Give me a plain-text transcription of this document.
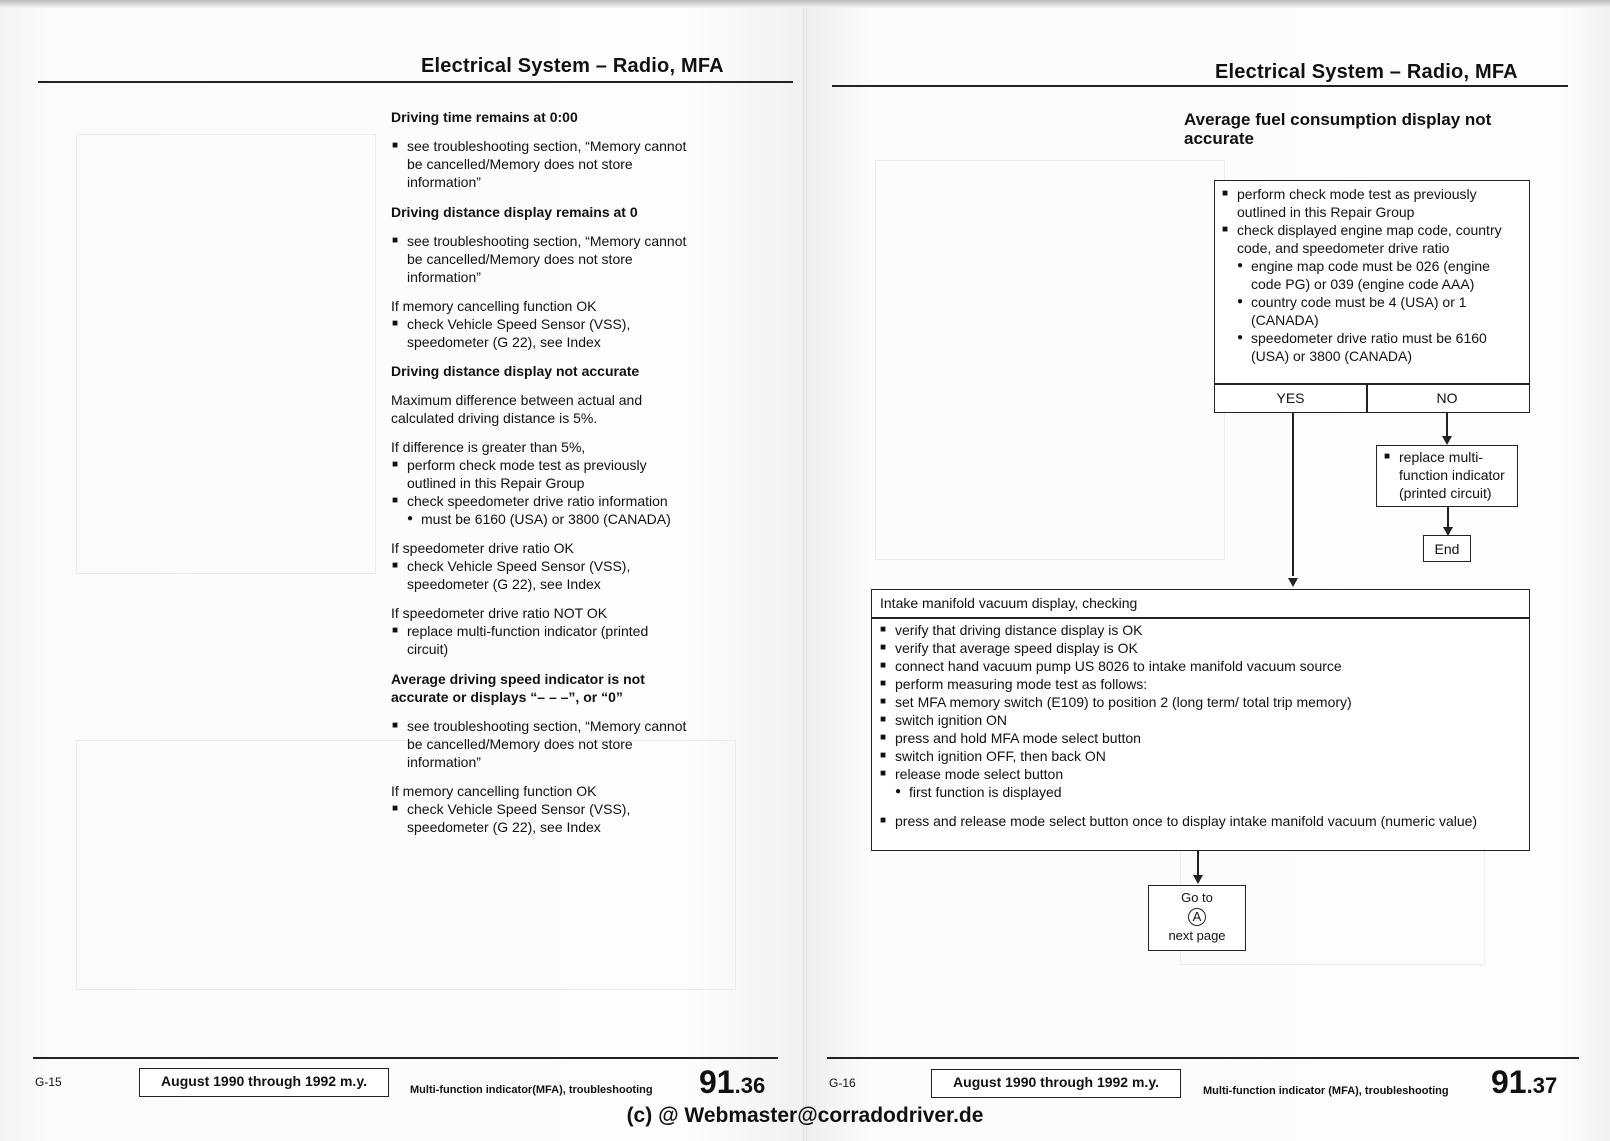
Electrical System – Radio, MFA

Driving time remains at 0:00

■ see troubleshooting section, “Memory cannot be cancelled/Memory does not store information”

Driving distance display remains at 0

■ see troubleshooting section, “Memory cannot be cancelled/Memory does not store information”

If memory cancelling function OK

■ check Vehicle Speed Sensor (VSS), speedometer (G 22), see Index

Driving distance display not accurate

Maximum difference between actual and calculated driving distance is 5%.

If difference is greater than 5%,

■ perform check mode test as previously outlined in this Repair Group

■ check speedometer drive ratio information

● must be 6160 (USA) or 3800 (CANADA)

If speedometer drive ratio OK

■ check Vehicle Speed Sensor (VSS), speedometer (G 22), see Index

If speedometer drive ratio NOT OK

■ replace multi-function indicator (printed circuit)

Average driving speed indicator is not accurate or displays “– – –”, or “0”

■ see troubleshooting section, “Memory cannot be cancelled/Memory does not store information”

If memory cancelling function OK

■ check Vehicle Speed Sensor (VSS), speedometer (G 22), see Index

G-15	August 1990 through 1992 m.y.
Multi-function indicator(MFA), troubleshooting 91.36
Electrical System – Radio, MFA
Average fuel consumption display not accurate

■ perform check mode test as previously outlined in this Repair Group

■ check displayed engine map code, country code, and speedometer drive ratio

● engine map code must be 026 (engine code PG) or 039 (engine code AAA)

● country code must be 4 (USA) or 1 (CANADA)

● speedometer drive ratio must be 6160 (USA) or 3800 (CANADA)

YES	NO

■ replace multi-function indicator (printed circuit)

End
Intake manifold vacuum display, checking

■ verify that driving distance display is OK

■ verify that average speed display is OK

■ connect hand vacuum pump US 8026 to intake manifold vacuum source

■ perform measuring mode test as follows:

■ set MFA memory switch (E109) to position 2 (long term/ total trip memory)

■ switch ignition ON

■ press and hold MFA mode select button

■ switch ignition OFF, then back ON

■ release mode select button

● first function is displayed

■ press and release mode select button once to display intake manifold vacuum (numeric value)

Go to

A

next page

G-16	August 1990 through 1992 m.y.
Multi-function indicator (MFA), troubleshooting 91.37
(c) @ Webmaster@corradodriver.de
